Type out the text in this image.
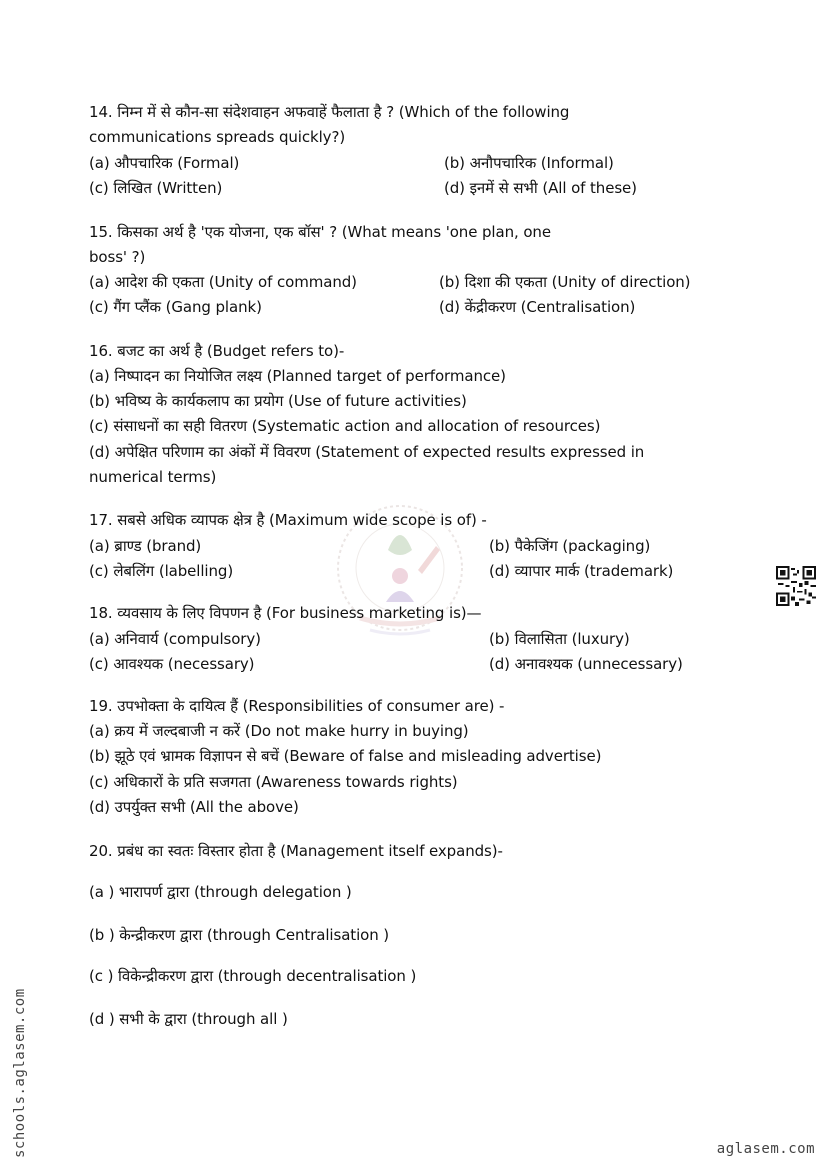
14. निम्न में से कौन-सा संदेशवाहन अफवाहें फैलाता है ? (Which of the following
communications spreads quickly?)
(a) औपचारिक (Formal)	(b) अनौपचारिक (Informal)
(c) लिखित (Written)	(d) इनमें से सभी (All of these)
15. किसका अर्थ है 'एक योजना, एक बॉस' ? (What means 'one plan, one
boss' ?)
(a) आदेश की एकता (Unity of command)	(b) दिशा की एकता (Unity of direction)
(c) गैंग प्लैंक (Gang plank)	(d) केंद्रीकरण (Centralisation)
16. बजट का अर्थ है (Budget refers to)-
(a) निष्पादन का नियोजित लक्ष्य (Planned target of performance)
(b) भविष्य के कार्यकलाप का प्रयोग (Use of future activities)
(c) संसाधनों का सही वितरण (Systematic action and allocation of resources)
(d) अपेक्षित परिणाम का अंकों में विवरण (Statement of expected results expressed in
numerical terms)
17. सबसे अधिक व्यापक क्षेत्र है (Maximum wide scope is of) -
(a) ब्राण्ड (brand)	(b) पैकेजिंग (packaging)
(c) लेबलिंग (labelling)	(d) व्यापार मार्क (trademark)
18. व्यवसाय के लिए विपणन है (For business marketing is)—
(a) अनिवार्य (compulsory)	(b) विलासिता (luxury)
(c) आवश्यक (necessary)	(d) अनावश्यक (unnecessary)
19. उपभोक्ता के दायित्व हैं (Responsibilities of consumer are) -
(a) क्रय में जल्दबाजी न करें (Do not make hurry in buying)
(b) झूठे एवं भ्रामक विज्ञापन से बचें (Beware of false and misleading advertise)
(c) अधिकारों के प्रति सजगता (Awareness towards rights)
(d) उपर्युक्त सभी (All the above)
20. प्रबंध का स्वतः विस्तार होता है (Management itself expands)-
(a ) भारापर्ण द्वारा (through delegation )
(b ) केन्द्रीकरण द्वारा (through Centralisation )
(c ) विकेन्द्रीकरण द्वारा (through decentralisation )
(d ) सभी के द्वारा (through all )
schools.aglasem.com	aglasem.com
